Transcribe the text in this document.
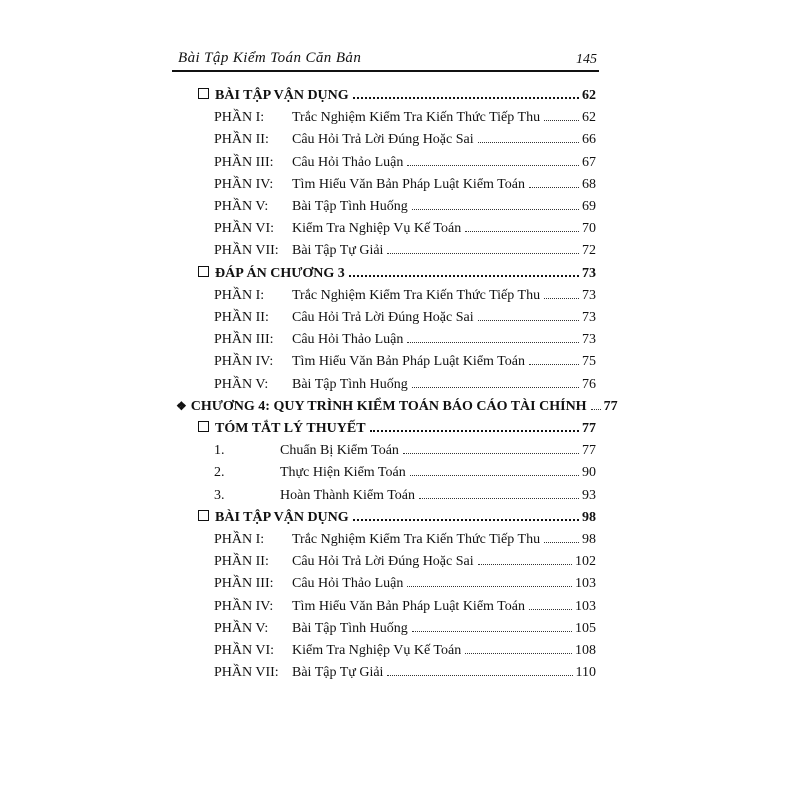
Bài Tập Kiểm Toán Căn Bản	145
BÀI TẬP VẬN DỤNG	62
PHẦN I:	Trắc Nghiệm Kiểm Tra Kiến Thức Tiếp Thu	62
PHẦN II:	Câu Hỏi Trả Lời Đúng Hoặc Sai	66
PHẦN III:	Câu Hỏi Thảo Luận	67
PHẦN IV:	Tìm Hiểu Văn Bản Pháp Luật Kiểm Toán	68
PHẦN V:	Bài Tập Tình Huống	69
PHẦN VI:	Kiểm Tra Nghiệp Vụ Kế Toán	70
PHẦN VII: Bài Tập Tự Giải	72
ĐÁP ÁN CHƯƠNG 3	73
PHẦN I:	Trắc Nghiệm Kiểm Tra Kiến Thức Tiếp Thu	73
PHẦN II:	Câu Hỏi Trả Lời Đúng Hoặc Sai	73
PHẦN III:	Câu Hỏi Thảo Luận	73
PHẦN IV:	Tìm Hiểu Văn Bản Pháp Luật Kiểm Toán	75
PHẦN V:	Bài Tập Tình Huống	76
❖ CHƯƠNG 4: QUY TRÌNH KIỂM TOÁN BÁO CÁO TÀI CHÍNH 77
TÓM TẮT LÝ THUYẾT	77
1.	Chuẩn Bị Kiểm Toán	77
2.	Thực Hiện Kiểm Toán	90
3.	Hoàn Thành Kiểm Toán	93
BÀI TẬP VẬN DỤNG	98
PHẦN I:	Trắc Nghiệm Kiểm Tra Kiến Thức Tiếp Thu	98
PHẦN II:	Câu Hỏi Trả Lời Đúng Hoặc Sai	102
PHẦN III:	Câu Hỏi Thảo Luận	103
PHẦN IV:	Tìm Hiểu Văn Bản Pháp Luật Kiểm Toán	103
PHẦN V:	Bài Tập Tình Huống	105
PHẦN VI:	Kiểm Tra Nghiệp Vụ Kế Toán	108
PHẦN VII: Bài Tập Tự Giải	110
